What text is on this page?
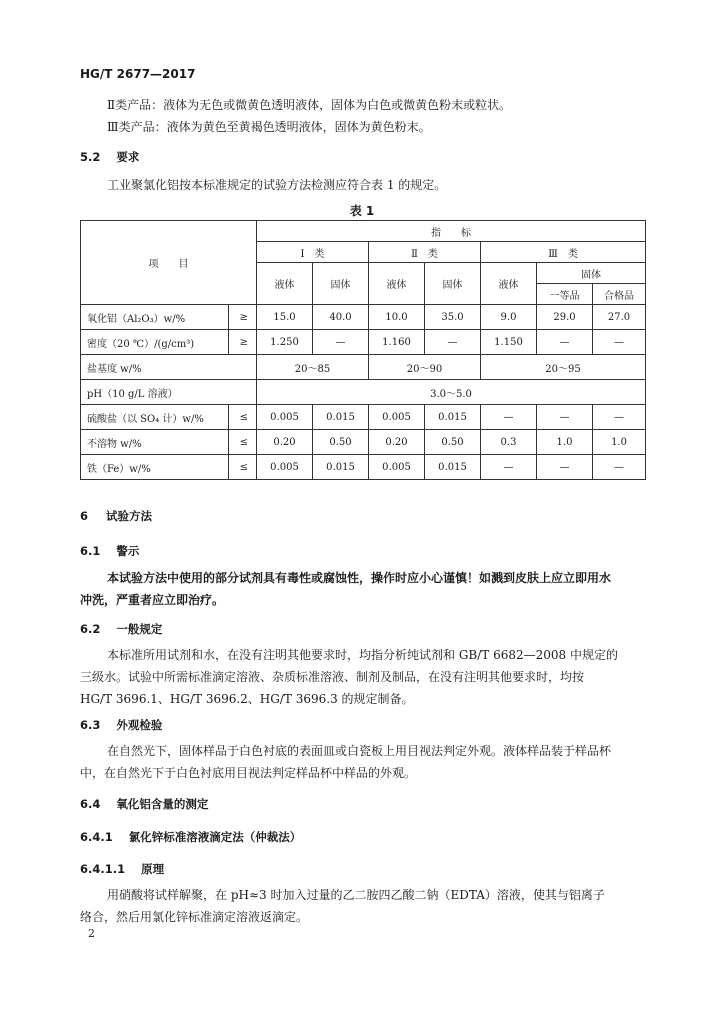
HG/T 2677—2017
Ⅱ类产品：液体为无色或微黄色透明液体，固体为白色或微黄色粉末或粒状。
Ⅲ类产品：液体为黄色至黄褐色透明液体，固体为黄色粉末。
5.2 要求
工业聚氯化铝按本标准规定的试验方法检测应符合表 1 的规定。
表 1
项　　目		指　　标						
		Ⅰ　类		Ⅱ　类		Ⅲ　类		
		液体	固体	液体	固体	液体	固体	
							一等品	合格品
氧化铝（Al₂O₃）w/%	≥	15.0	40.0	10.0	35.0	9.0	29.0	27.0
密度（20 ℃）/(g/cm³)	≥	1.250	—	1.160	—	1.150	—	—
盐基度 w/%		20～85		20～90		20～95		
pH（10 g/L 溶液）		3.0～5.0						
硫酸盐（以 SO₄ 计）w/%	≤	0.005	0.015	0.005	0.015	—	—	—
不溶物 w/%	≤	0.20	0.50	0.20	0.50	0.3	1.0	1.0
铁（Fe）w/%	≤	0.005	0.015	0.005	0.015	—	—	—
6 试验方法
6.1 警示
本试验方法中使用的部分试剂具有毒性或腐蚀性，操作时应小心谨慎！如溅到皮肤上应立即用水
冲洗，严重者应立即治疗。
6.2 一般规定
本标准所用试剂和水，在没有注明其他要求时，均指分析纯试剂和 GB/T 6682—2008 中规定的
三级水。试验中所需标准滴定溶液、杂质标准溶液、制剂及制品，在没有注明其他要求时，均按
HG/T 3696.1、HG/T 3696.2、HG/T 3696.3 的规定制备。
6.3 外观检验
在自然光下，固体样品于白色衬底的表面皿或白瓷板上用目视法判定外观。液体样品装于样品杯
中，在自然光下于白色衬底用目视法判定样品杯中样品的外观。
6.4 氧化铝含量的测定
6.4.1 氯化锌标准溶液滴定法（仲裁法）
6.4.1.1 原理
用硝酸将试样解聚，在 pH≈3 时加入过量的乙二胺四乙酸二钠（EDTA）溶液，使其与铝离子
络合，然后用氯化锌标准滴定溶液返滴定。
2
